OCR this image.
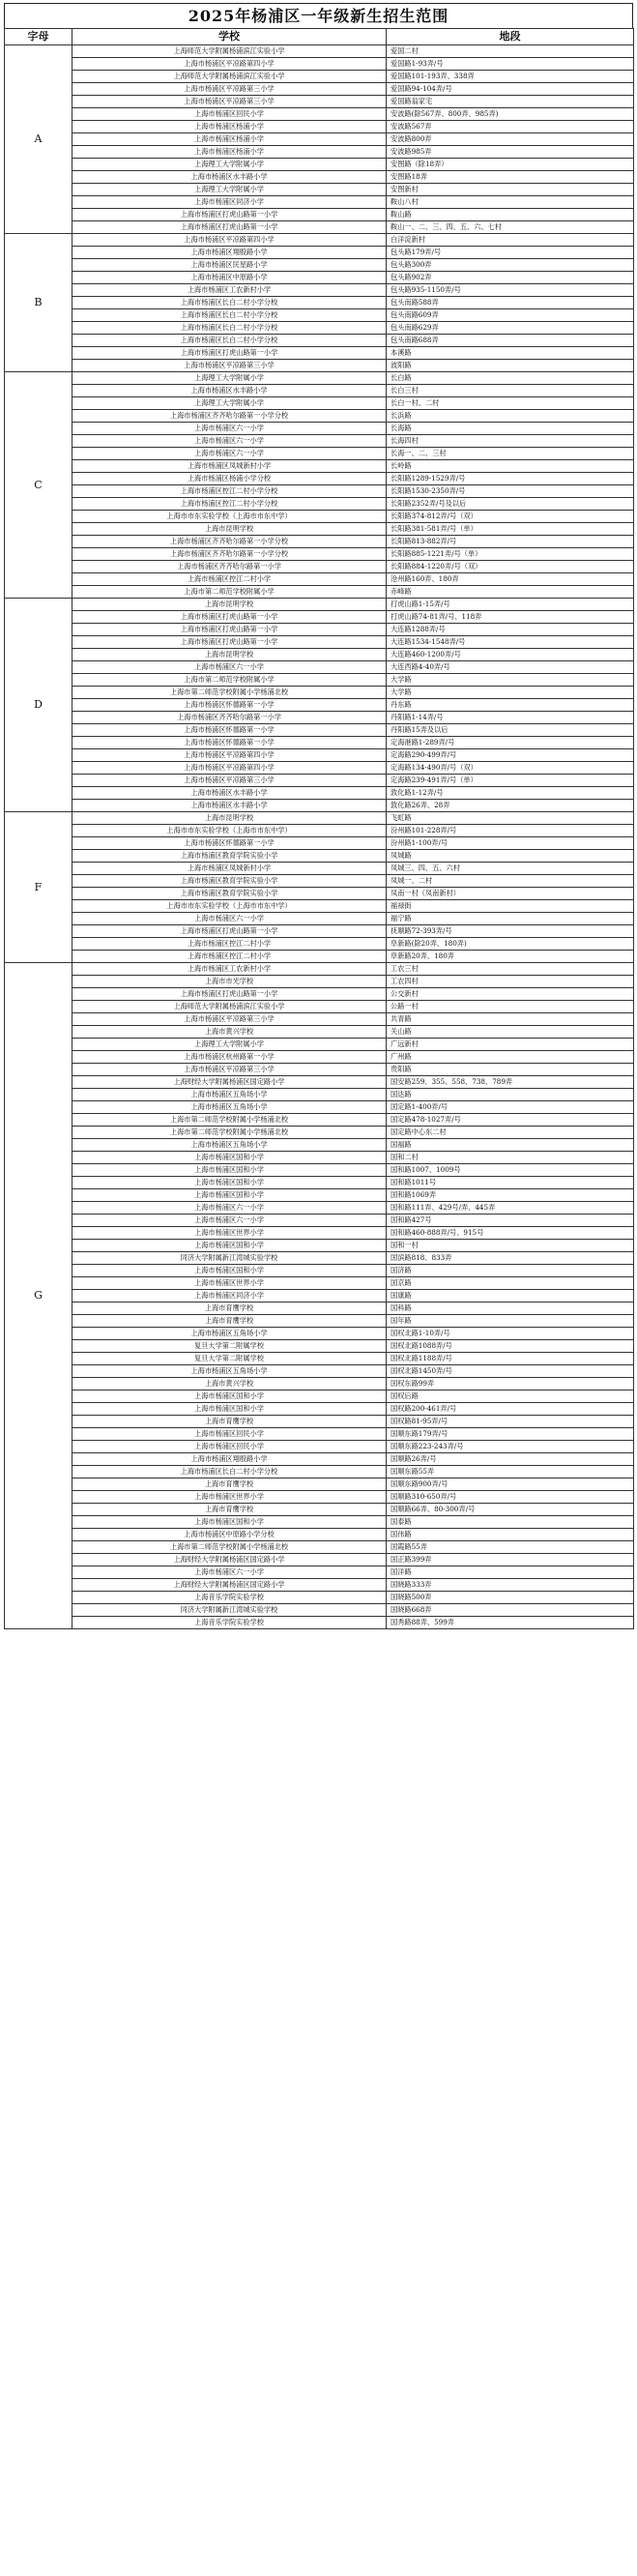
2025年杨浦区一年级新生招生范围
字母	学校	地段
A	上海师范大学附属杨浦滨江实验小学	爱国二村
	上海市杨浦区平凉路第四小学	爱国路1-93弄/号
	上海师范大学附属杨浦滨江实验小学	爱国路101-193弄、338弄
	上海市杨浦区平凉路第三小学	爱国路94-104弄/号
	上海市杨浦区平凉路第三小学	爱国路翁家宅
	上海市杨浦区回民小学	安波路(除567弄、800弄、985弄)
	上海市杨浦区杨浦小学	安波路567弄
	上海市杨浦区杨浦小学	安波路800弄
	上海市杨浦区杨浦小学	安波路985弄
	上海理工大学附属小学	安图路（除18弄）
	上海市杨浦区水丰路小学	安图路18弄
	上海理工大学附属小学	安图新村
	上海市杨浦区同济小学	鞍山八村
	上海市杨浦区打虎山路第一小学	鞍山路
	上海市杨浦区打虎山路第一小学	鞍山一、二、三、四、五、六、七村
B	上海市杨浦区平凉路第四小学	白洋淀新村
	上海市杨浦区翔殷路小学	包头路179弄/号
	上海市杨浦区民星路小学	包头路300弄
	上海市杨浦区中原路小学	包头路902弄
	上海市杨浦区工农新村小学	包头路935-1150弄/号
	上海市杨浦区长白二村小学分校	包头南路588弄
	上海市杨浦区长白二村小学分校	包头南路609弄
	上海市杨浦区长白二村小学分校	包头南路629弄
	上海市杨浦区长白二村小学分校	包头南路688弄
	上海市杨浦区打虎山路第一小学	本溪路
	上海市杨浦区平凉路第三小学	波阳路
C	上海理工大学附属小学	长白路
	上海市杨浦区水丰路小学	长白三村
	上海理工大学附属小学	长白一村、二村
	上海市杨浦区齐齐哈尔路第一小学分校	长浜路
	上海市杨浦区六一小学	长海路
	上海市杨浦区六一小学	长海四村
	上海市杨浦区六一小学	长海一、二、三村
	上海市杨浦区凤城新村小学	长岭路
	上海市杨浦区杨浦小学分校	长阳路1289-1529弄/号
	上海市杨浦区控江二村小学分校	长阳路1530-2350弄/号
	上海市杨浦区控江二村小学分校	长阳路2352弄/号及以后
	上海市市东实验学校（上海市市东中学）	长阳路374-812弄/号（双）
	上海市昆明学校	长阳路381-581弄/号（单）
	上海市杨浦区齐齐哈尔路第一小学分校	长阳路813-882弄/号
	上海市杨浦区齐齐哈尔路第一小学分校	长阳路885-1221弄/号（单）
	上海市杨浦区齐齐哈尔路第一小学	长阳路884-1220弄/号（双）
	上海市杨浦区控江二村小学	沧州路160弄、180弄
	上海市第二师范学校附属小学	赤峰路
D	上海市昆明学校	打虎山路1-15弄/号
	上海市杨浦区打虎山路第一小学	打虎山路74-81弄/号、118弄
	上海市杨浦区打虎山路第一小学	大连路1288弄/号
	上海市杨浦区打虎山路第一小学	大连路1534-1548弄/号
	上海市昆明学校	大连路460-1200弄/号
	上海市杨浦区六一小学	大连西路4-40弄/号
	上海市第二师范学校附属小学	大学路
	上海市第二师范学校附属小学杨浦北校	大学路
	上海市杨浦区怀德路第一小学	丹东路
	上海市杨浦区齐齐哈尔路第一小学	丹阳路1-14弄/号
	上海市杨浦区怀德路第一小学	丹阳路15弄及以后
	上海市杨浦区怀德路第一小学	定海港路1-289弄/号
	上海市杨浦区平凉路第四小学	定海路290-499弄/号
	上海市杨浦区平凉路第四小学	定海路134-490弄/号（双）
	上海市杨浦区平凉路第三小学	定海路239-491弄/号（单）
	上海市杨浦区水丰路小学	敦化路1-12弄/号
	上海市杨浦区水丰路小学	敦化路26弄、28弄
F	上海市昆明学校	飞虹路
	上海市市东实验学校（上海市市东中学）	汾州路101-228弄/号
	上海市杨浦区怀德路第一小学	汾州路1-100弄/号
	上海市杨浦区教育学院实验小学	凤城路
	上海市杨浦区凤城新村小学	凤城三、四、五、六村
	上海市杨浦区教育学院实验小学	凤城一、二村
	上海市杨浦区教育学院实验小学	凤南一村（凤南新村）
	上海市市东实验学校（上海市市东中学）	福禄街
	上海市杨浦区六一小学	福宁路
	上海市杨浦区打虎山路第一小学	抚顺路72-393弄/号
	上海市杨浦区控江二村小学	阜新路(除20弄、180弄)
	上海市杨浦区控江二村小学	阜新路20弄、180弄
G	上海市杨浦区工农新村小学	工农三村
	上海市市光学校	工农四村
	上海市杨浦区打虎山路第一小学	公交新村
	上海师范大学附属杨浦滨江实验小学	公路一村
	上海市杨浦区平凉路第三小学	共青路
	上海市黄兴学校	关山路
	上海理工大学附属小学	广远新村
	上海市杨浦区杭州路第一小学	广州路
	上海市杨浦区平凉路第三小学	贵阳路
	上海财经大学附属杨浦区国定路小学	国安路259、355、558、738、789弄
	上海市杨浦区五角场小学	国达路
	上海市杨浦区五角场小学	国定路1-400弄/号
	上海市第二师范学校附属小学杨浦北校	国定路478-1027弄/号
	上海市第二师范学校附属小学杨浦北校	国定路中心东二村
	上海市杨浦区五角场小学	国福路
	上海市杨浦区国和小学	国和二村
	上海市杨浦区国和小学	国和路1007、1009号
	上海市杨浦区国和小学	国和路1011号
	上海市杨浦区国和小学	国和路1069弄
	上海市杨浦区六一小学	国和路111弄、429号/弄、445弄
	上海市杨浦区六一小学	国和路427号
	上海市杨浦区世界小学	国和路460-888弄/号、915号
	上海市杨浦区国和小学	国和一村
	同济大学附属新江湾城实验学校	国滨路818、833弄
	上海市杨浦区国和小学	国济路
	上海市杨浦区世界小学	国京路
	上海市杨浦区同济小学	国康路
	上海市育鹰学校	国科路
	上海市育鹰学校	国年路
	上海市杨浦区五角场小学	国权北路1-10弄/号
	复旦大学第二附属学校	国权北路1088弄/号
	复旦大学第二附属学校	国权北路1188弄/号
	上海市杨浦区五角场小学	国权北路1450弄/号
	上海市黄兴学校	国权东路99弄
	上海市杨浦区国和小学	国权后路
	上海市杨浦区国和小学	国权路200-461弄/号
	上海市育鹰学校	国权路81-95弄/号
	上海市杨浦区回民小学	国顺东路179弄/号
	上海市杨浦区回民小学	国顺东路223-243弄/号
	上海市杨浦区翔殷路小学	国顺路26弄/号
	上海市杨浦区长白二村小学分校	国顺东路55弄
	上海市育鹰学校	国顺东路900弄/号
	上海市杨浦区世界小学	国顺路310-650弄/号
	上海市育鹰学校	国顺路66弄、80-300弄/号
	上海市杨浦区国和小学	国泰路
	上海市杨浦区中原路小学分校	国伟路
	上海市第二师范学校附属小学杨浦北校	国霞路55弄
	上海财经大学附属杨浦区国定路小学	国正路399弄
	上海市杨浦区六一小学	国洋路
	上海财经大学附属杨浦区国定路小学	国晓路333弄
	上海音乐学院实验学校	国晓路500弄
	同济大学附属新江湾城实验学校	国晓路668弄
	上海音乐学院实验学校	国秀路88弄、599弄
